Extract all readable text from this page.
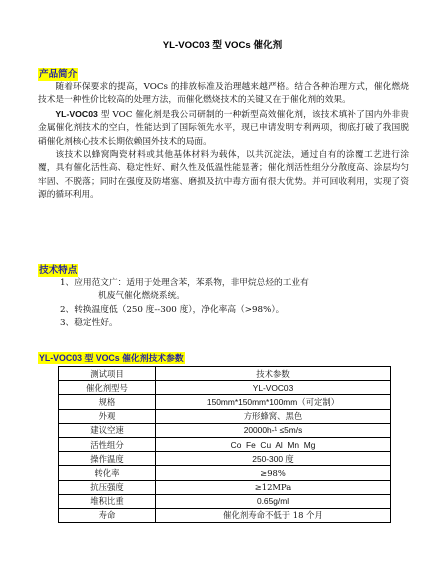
YL-VOC03 型 VOCs 催化剂
产品简介

随着环保要求的提高，VOCs 的排放标准及治理越来越严格。结合各种治理方式，催化燃烧技术是一种性价比较高的处理方法，而催化燃烧技术的关键又在于催化剂的效果。

YL-VOC03 型 VOC 催化剂是我公司研制的一种新型高效催化剂，该技术填补了国内外非贵金属催化剂技术的空白，性能达到了国际领先水平，现已申请发明专利两项，彻底打破了我国脱硝催化剂核心技术长期依赖国外技术的局面。

该技术以蜂窝陶瓷材料或其他基体材料为载体，以共沉淀法，通过自有的涂覆工艺进行涂覆，具有催化活性高、稳定性好、耐久性及低温性能显著；催化剂活性组分分散度高、涂层均匀牢固、不脱落；同时在强度及防堵塞、磨损及抗中毒方面有很大优势。并可回收利用，实现了资源的循环利用。

技术特点
1、应用范文广：适用于处理含苯，苯系物，非甲烷总烃的工业有
机废气催化燃烧系统。
2、转换温度低（250 度--300 度），净化率高（>98%）。
3、稳定性好。
YL-VOC03 型 VOCs 催化剂技术参数
测试项目	技术参数
催化剂型号	YL-VOC03
规格	150mm*150mm*100mm（可定制）
外观	方形蜂窝、黑色
建议空速	20000h-¹ ≤5m/s
活性组分	Co  Fe  Cu  Al  Mn  Mg
操作温度	250-300 度
转化率	≥98%
抗压强度	≥12MPa
堆积比重	0.65g/ml
寿命	催化剂寿命不低于 18 个月
